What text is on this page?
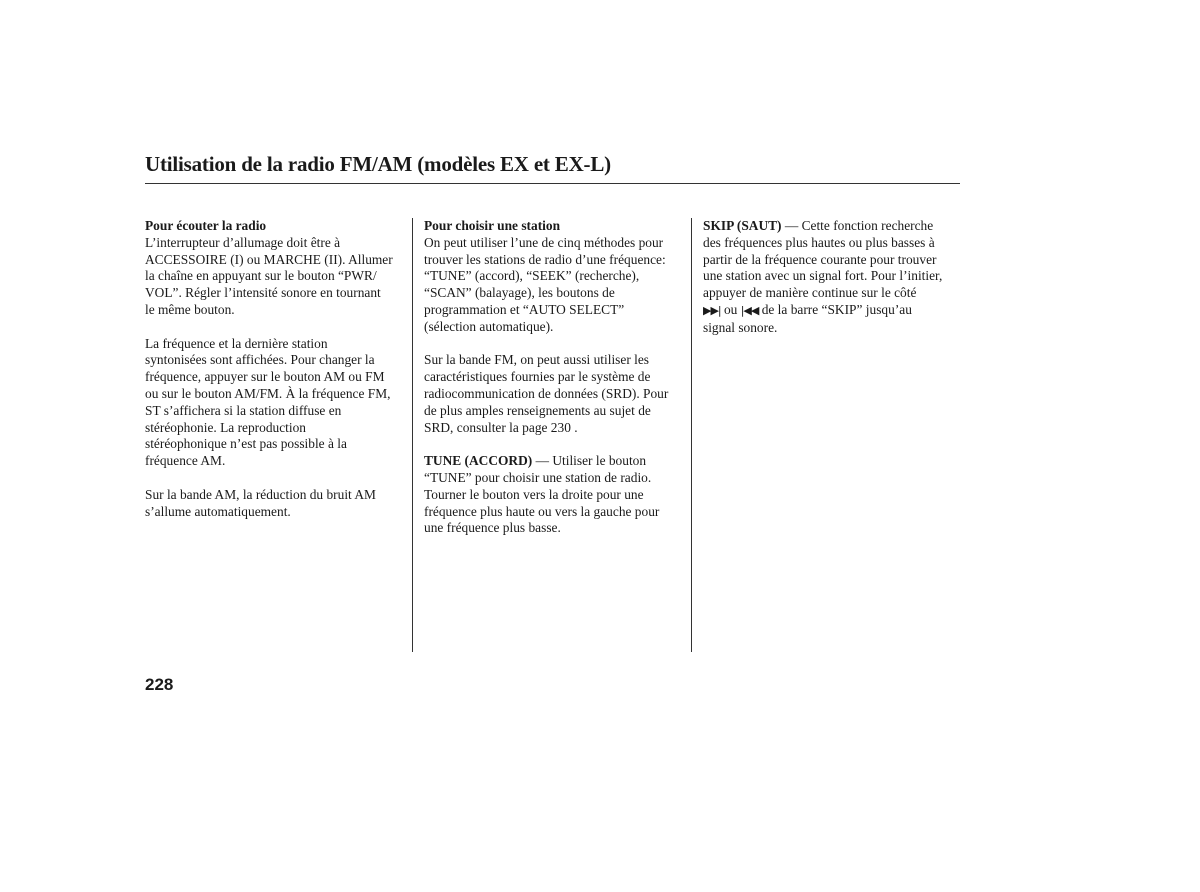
Utilisation de la radio FM/AM (modèles EX et EX-L)
Pour écouter la radio

L’interrupteur d’allumage doit être à
ACCESSOIRE (I) ou MARCHE (II). Allumer
la chaîne en appuyant sur le bouton “PWR/
VOL”. Régler l’intensité sonore en tournant
le même bouton.

La fréquence et la dernière station
syntonisées sont affichées. Pour changer la
fréquence, appuyer sur le bouton AM ou FM
ou sur le bouton AM/FM. À la fréquence FM,
ST s’affichera si la station diffuse en
stéréophonie. La reproduction
stéréophonique n’est pas possible à la
fréquence AM.

Sur la bande AM, la réduction du bruit AM
s’allume automatiquement.

Pour choisir une station

On peut utiliser l’une de cinq méthodes pour
trouver les stations de radio d’une fréquence:
“TUNE” (accord), “SEEK” (recherche),
“SCAN” (balayage), les boutons de
programmation et “AUTO SELECT”
(sélection automatique).

Sur la bande FM, on peut aussi utiliser les
caractéristiques fournies par le système de
radiocommunication de données (SRD). Pour
de plus amples renseignements au sujet de
SRD, consulter la page 230 .

TUNE (ACCORD) — Utiliser le bouton
“TUNE” pour choisir une station de radio.
Tourner le bouton vers la droite pour une
fréquence plus haute ou vers la gauche pour
une fréquence plus basse.

SKIP (SAUT) — Cette fonction recherche
des fréquences plus hautes ou plus basses à
partir de la fréquence courante pour trouver
une station avec un signal fort. Pour l’initier,
appuyer de manière continue sur le côté
▶▶| ou |◀◀ de la barre “SKIP” jusqu’au
signal sonore.

228
